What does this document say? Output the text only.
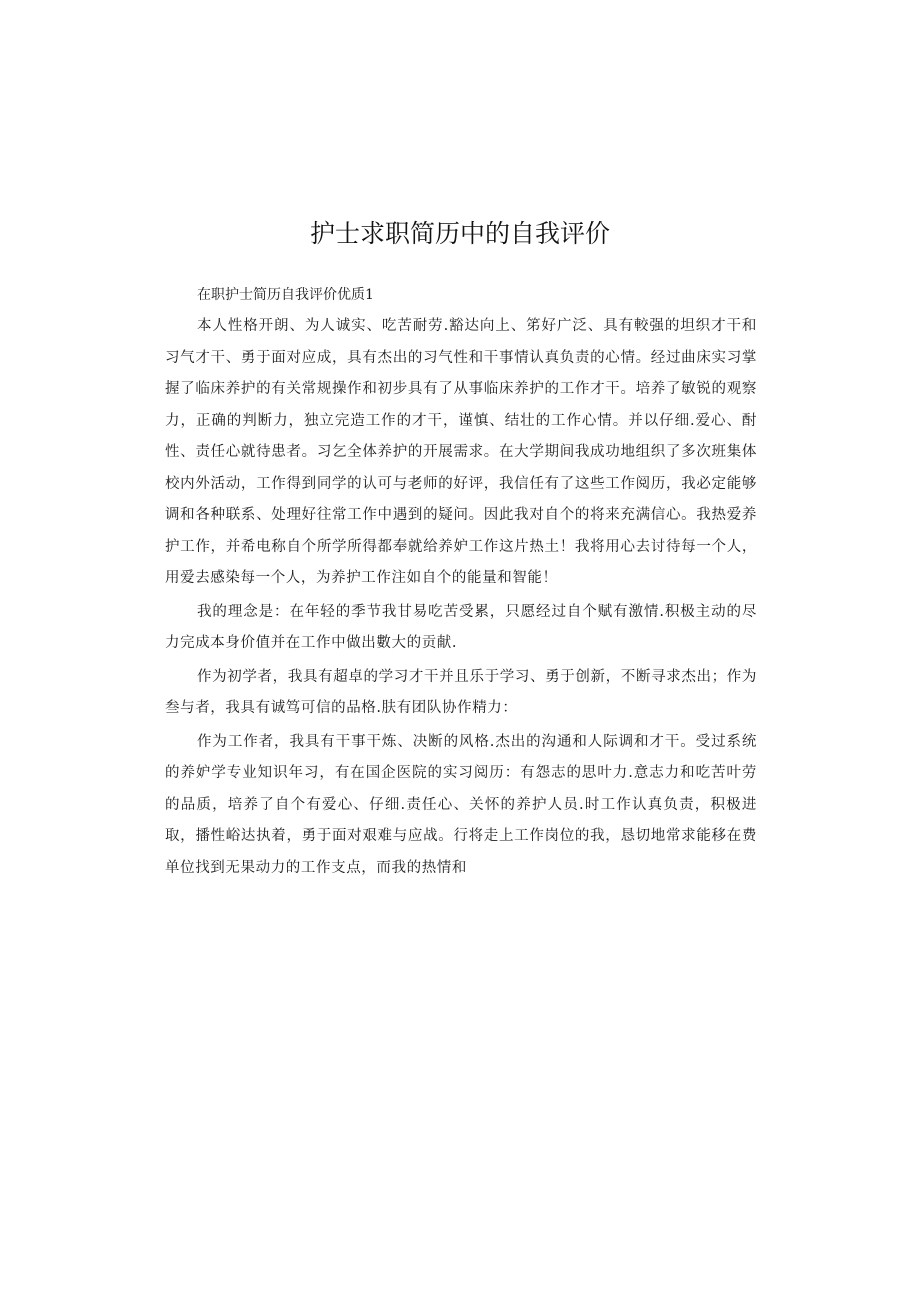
护士求职简历中的自我评价

在职护士简历自我评价优质1

本人性格开朗、为人诚实、吃苦耐劳.豁达向上、笫好广泛、具有較强的坦织才干和习气才干、勇于面对应成，具有杰出的习气性和干事情认真负责的心情。经过曲床实习掌握了临床养护的有关常规操作和初步具有了从事临床养护的工作才干。培养了敏锐的观察力，正确的判断力，独立完造工作的才干，谨慎、结壮的工作心情。并以仔细.爱心、酎性、责任心就待患者。习乞全体养护的开展需求。在大学期间我成功地组织了多次班集体校内外活动，工作得到同学的认可与老师的好评，我信任有了这些工作阅历，我必定能够调和各种联系、处理好往常工作中遇到的疑问。因此我对自个的将来充满信心。我热爱养护工作，并希电称自个所学所得都奉就给养妒工作这片热土！我将用心去讨待每一个人，用爱去感染每一个人，为养护工作注如自个的能量和智能！

我的理念是：在年轻的季节我甘易吃苦受累，只愿经过自个赋有激情.积极主动的尽力完成本身价值并在工作中做出數大的贡献.

作为初学者，我具有超卓的学习才干并且乐于学习、勇于创新，不断寻求杰出；作为叁与者，我具有诚笃可信的品格.肤有团队协作精力：

作为工作者，我具有干事干炼、决断的风格.杰出的沟通和人际调和才干。受过系统的养妒学专业知识年习，有在国企医院的实习阅历：有怨志的思叶力.意志力和吃苦叶劳的品质，培养了自个有爱心、仔细.责任心、关怀的养护人员.时工作认真负责，积极进取，播性峪达执着，勇于面对艰难与应战。行将走上工作岗位的我，恳切地常求能移在费单位找到无果动力的工作支点，而我的热情和
